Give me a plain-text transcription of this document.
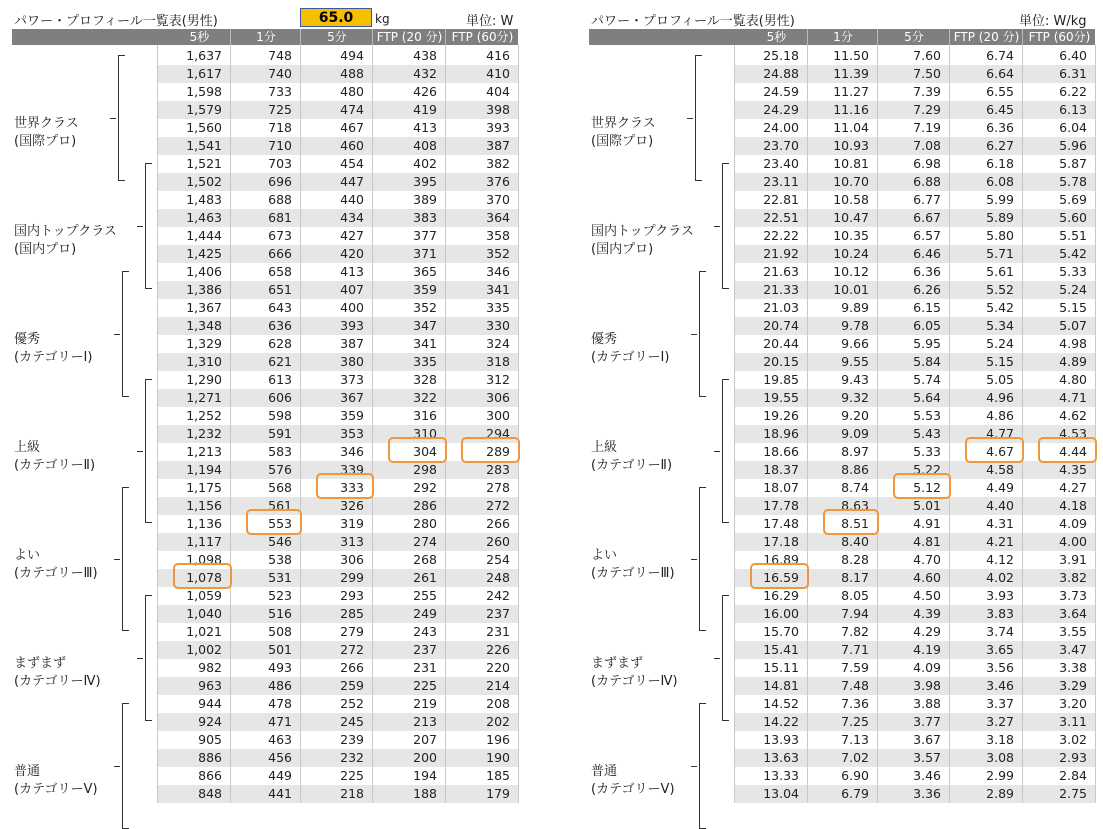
パワー・プロフィール一覧表(男性)	65.0	kg	単位: W
5秒	1分	5分	FTP (20 分) FTP (60分)
1,637	748	494	438	416
1,617	740	488	432	410
1,598	733	480	426	404
1,579	725	474	419	398
1,560	718	467	413	393
1,541	710	460	408	387
1,521	703	454	402	382
1,502	696	447	395	376
1,483	688	440	389	370
1,463	681	434	383	364
1,444	673	427	377	358
1,425	666	420	371	352
1,406	658	413	365	346
1,386	651	407	359	341
1,367	643	400	352	335
1,348	636	393	347	330
1,329	628	387	341	324
1,310	621	380	335	318
1,290	613	373	328	312
1,271	606	367	322	306
1,252	598	359	316	300
1,232	591	353	310	294
1,213	583	346	304	289
1,194	576	339	298	283
1,175	568	333	292	278
1,156	561	326	286	272
1,136	553	319	280	266
1,117	546	313	274	260
1,098	538	306	268	254
1,078	531	299	261	248
1,059	523	293	255	242
1,040	516	285	249	237
1,021	508	279	243	231
1,002	501	272	237	226
982	493	266	231	220
963	486	259	225	214
944	478	252	219	208
924	471	245	213	202
905	463	239	207	196
886	456	232	200	190
866	449	225	194	185
848	441	218	188	179
世界クラス
(国際プロ)
国内トップクラス
(国内プロ)
優秀
(カテゴリーⅠ)
上級
(カテゴリーⅡ)
よい
(カテゴリーⅢ)
まずまず
(カテゴリーⅣ)
普通
(カテゴリーⅤ)
パワー・プロフィール一覧表(男性)	単位: W/kg
5秒	1分	5分	FTP (20 分) FTP (60分)
25.18	11.50	7.60	6.74	6.40
24.88	11.39	7.50	6.64	6.31
24.59	11.27	7.39	6.55	6.22
24.29	11.16	7.29	6.45	6.13
24.00	11.04	7.19	6.36	6.04
23.70	10.93	7.08	6.27	5.96
23.40	10.81	6.98	6.18	5.87
23.11	10.70	6.88	6.08	5.78
22.81	10.58	6.77	5.99	5.69
22.51	10.47	6.67	5.89	5.60
22.22	10.35	6.57	5.80	5.51
21.92	10.24	6.46	5.71	5.42
21.63	10.12	6.36	5.61	5.33
21.33	10.01	6.26	5.52	5.24
21.03	9.89	6.15	5.42	5.15
20.74	9.78	6.05	5.34	5.07
20.44	9.66	5.95	5.24	4.98
20.15	9.55	5.84	5.15	4.89
19.85	9.43	5.74	5.05	4.80
19.55	9.32	5.64	4.96	4.71
19.26	9.20	5.53	4.86	4.62
18.96	9.09	5.43	4.77	4.53
18.66	8.97	5.33	4.67	4.44
18.37	8.86	5.22	4.58	4.35
18.07	8.74	5.12	4.49	4.27
17.78	8.63	5.01	4.40	4.18
17.48	8.51	4.91	4.31	4.09
17.18	8.40	4.81	4.21	4.00
16.89	8.28	4.70	4.12	3.91
16.59	8.17	4.60	4.02	3.82
16.29	8.05	4.50	3.93	3.73
16.00	7.94	4.39	3.83	3.64
15.70	7.82	4.29	3.74	3.55
15.41	7.71	4.19	3.65	3.47
15.11	7.59	4.09	3.56	3.38
14.81	7.48	3.98	3.46	3.29
14.52	7.36	3.88	3.37	3.20
14.22	7.25	3.77	3.27	3.11
13.93	7.13	3.67	3.18	3.02
13.63	7.02	3.57	3.08	2.93
13.33	6.90	3.46	2.99	2.84
13.04	6.79	3.36	2.89	2.75
世界クラス
(国際プロ)
国内トップクラス
(国内プロ)
優秀
(カテゴリーⅠ)
上級
(カテゴリーⅡ)
よい
(カテゴリーⅢ)
まずまず
(カテゴリーⅣ)
普通
(カテゴリーⅤ)
